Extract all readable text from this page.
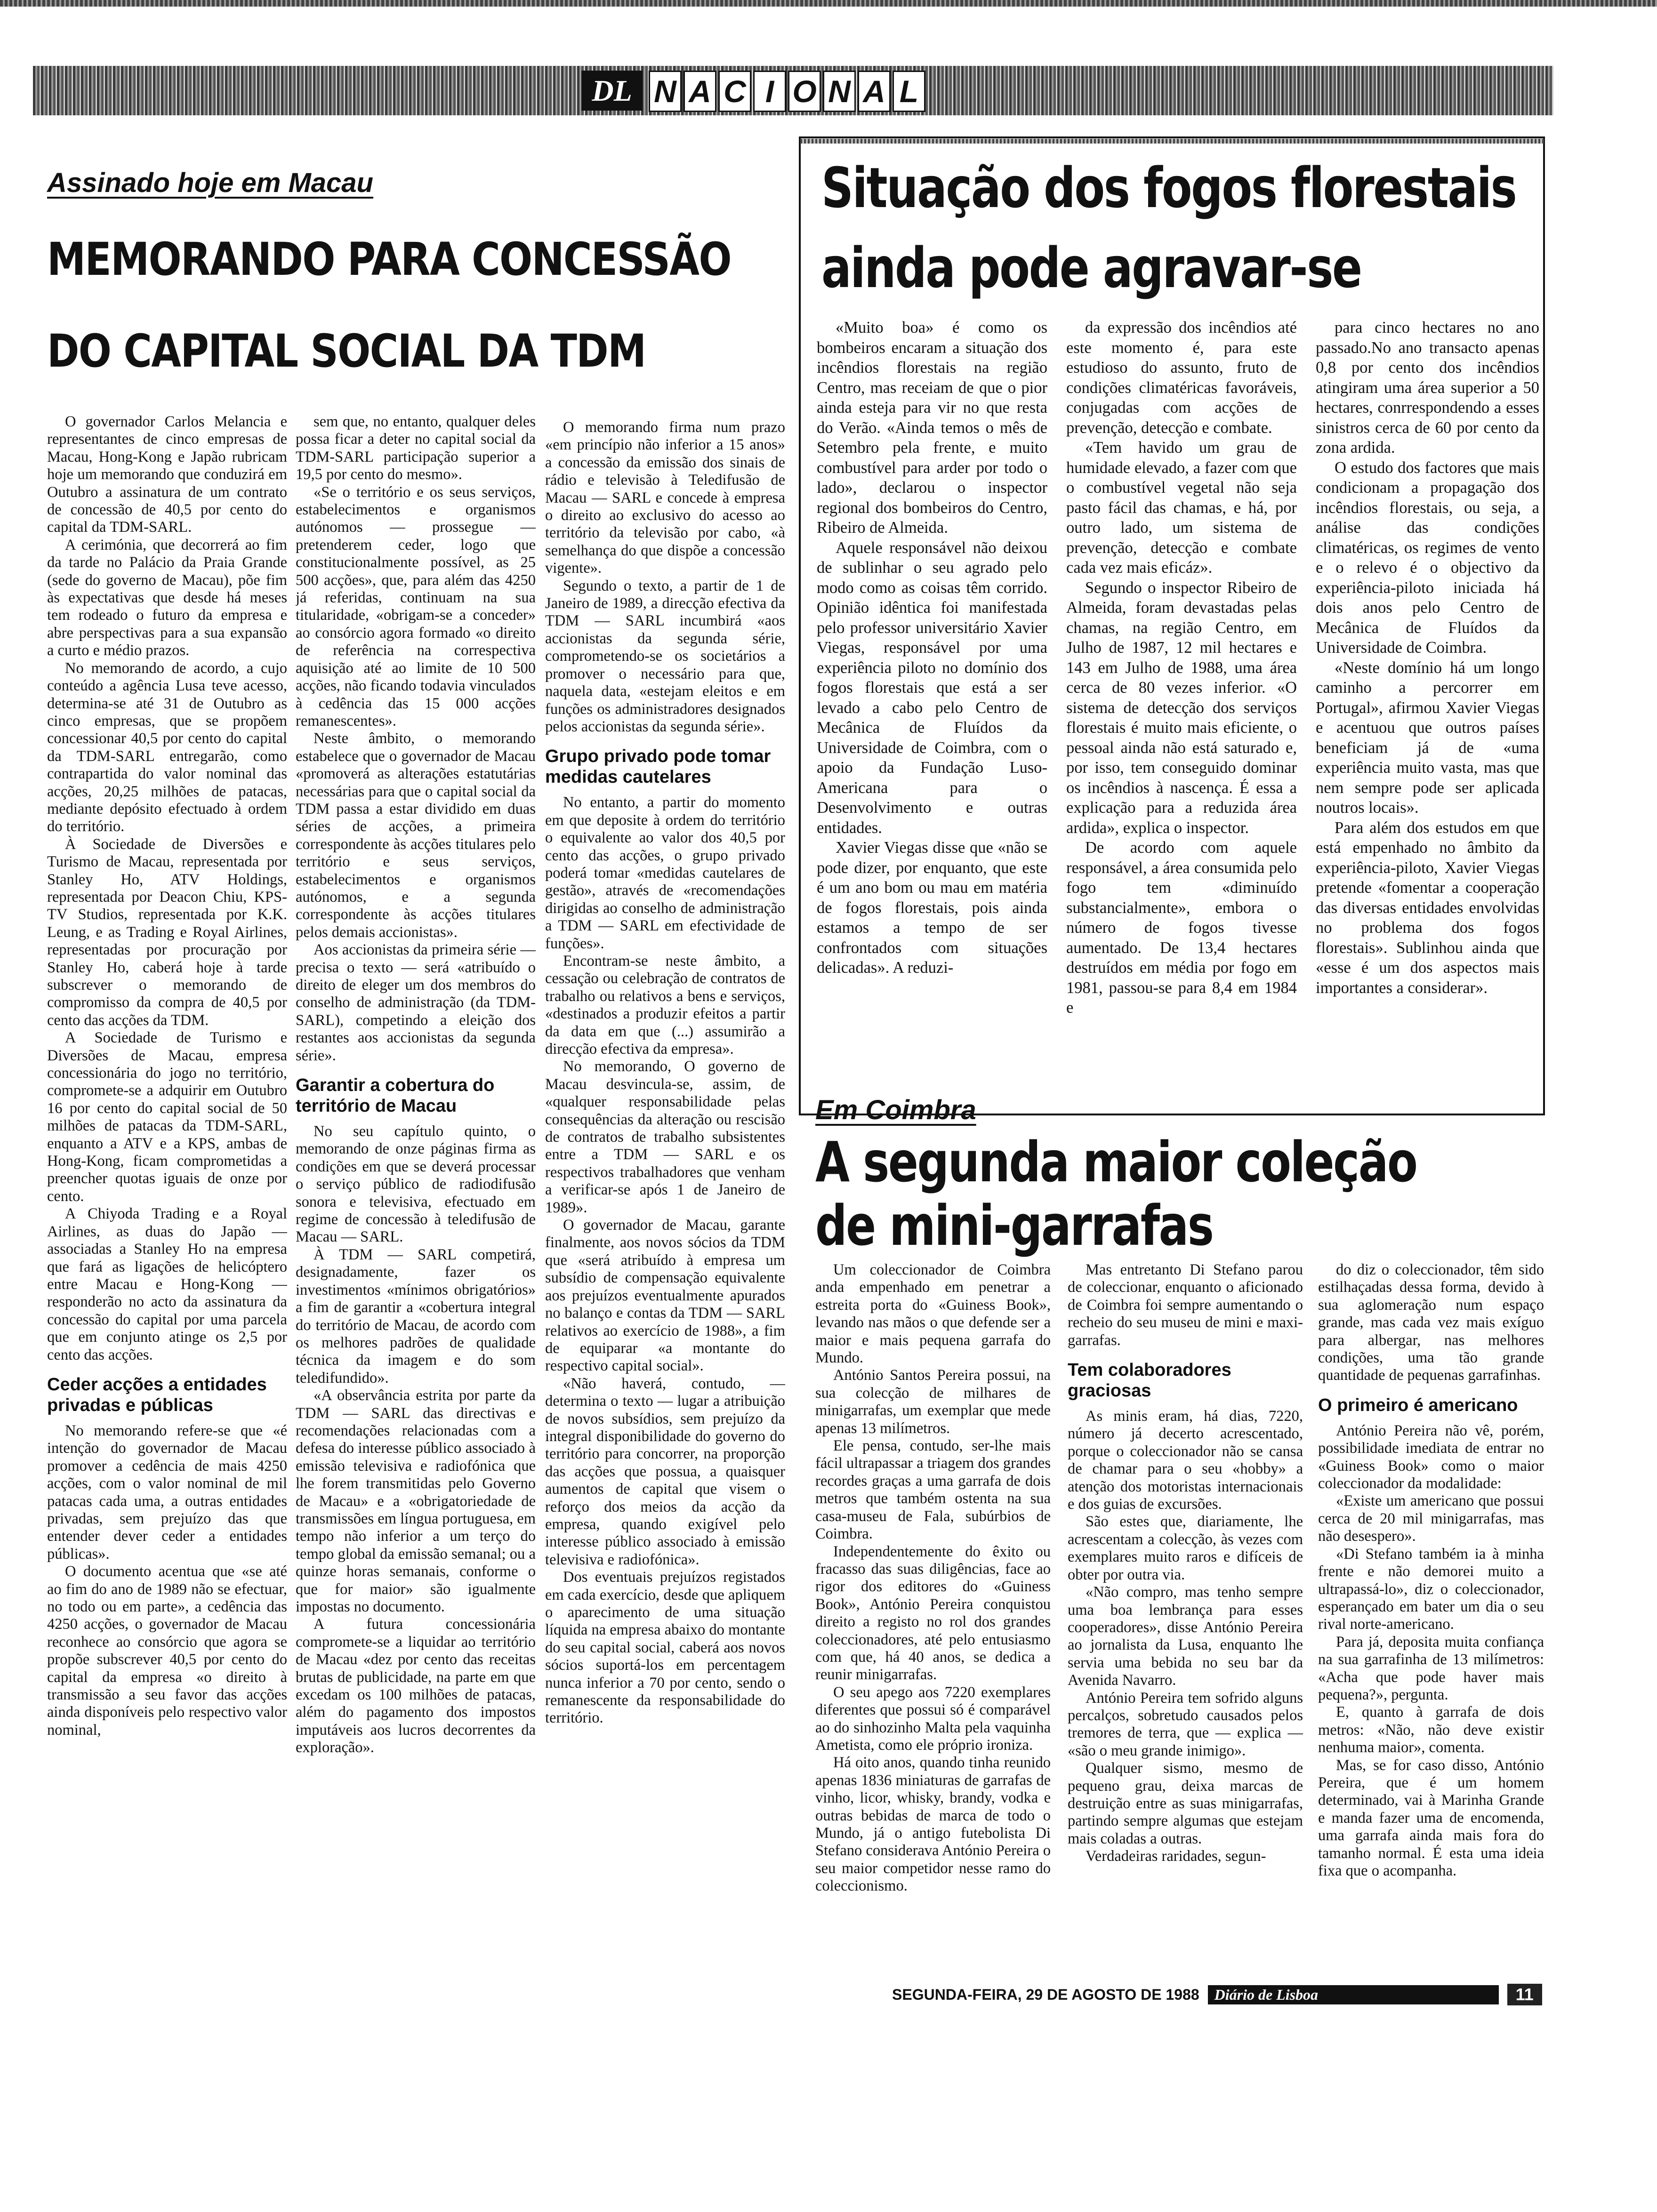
DL N A C I O N A L
Assinado hoje em Macau
MEMORANDO PARA CONCESSÃO
DO CAPITAL SOCIAL DA TDM

O governador Carlos Melancia e representantes de cinco empresas de Macau, Hong-Kong e Japão rubricam hoje um memorando que conduzirá em Outubro a assinatura de um contrato de concessão de 40,5 por cento do capital da TDM-SARL.

A cerimónia, que decorrerá ao fim da tarde no Palácio da Praia Grande (sede do governo de Macau), põe fim às expectativas que desde há meses tem rodeado o futuro da empresa e abre perspectivas para a sua expansão a curto e médio prazos.

No memorando de acordo, a cujo conteúdo a agência Lusa teve acesso, determina-se até 31 de Outubro as cinco empresas, que se propõem concessionar 40,5 por cento do capital da TDM-SARL entregarão, como contrapartida do valor nominal das acções, 20,25 milhões de patacas, mediante depósito efectuado à ordem do território.

À Sociedade de Diversões e Turismo de Macau, representada por Stanley Ho, ATV Holdings, representada por Deacon Chiu, KPS-TV Studios, representada por K.K. Leung, e as Trading e Royal Airlines, representadas por procuração por Stanley Ho, caberá hoje à tarde subscrever o memorando de compromisso da compra de 40,5 por cento das acções da TDM.

A Sociedade de Turismo e Diversões de Macau, empresa concessionária do jogo no território, compromete-se a adquirir em Outubro 16 por cento do capital social de 50 milhões de patacas da TDM-SARL, enquanto a ATV e a KPS, ambas de Hong-Kong, ficam comprometidas a preencher quotas iguais de onze por cento.

A Chiyoda Trading e a Royal Airlines, as duas do Japão — associadas a Stanley Ho na empresa que fará as ligações de helicóptero entre Macau e Hong-Kong — responderão no acto da assinatura da concessão do capital por uma parcela que em conjunto atinge os 2,5 por cento das acções.

Ceder acções a entidades privadas e públicas

No memorando refere-se que «é intenção do governador de Macau promover a cedência de mais 4250 acções, com o valor nominal de mil patacas cada uma, a outras entidades privadas, sem prejuízo das que entender dever ceder a entidades públicas».

O documento acentua que «se até ao fim do ano de 1989 não se efectuar, no todo ou em parte», a cedência das 4250 acções, o governador de Macau reconhece ao consórcio que agora se propõe subscrever 40,5 por cento do capital da empresa «o direito à transmissão a seu favor das acções ainda disponíveis pelo respectivo valor nominal,

sem que, no entanto, qualquer deles possa ficar a deter no capital social da TDM-SARL participação superior a 19,5 por cento do mesmo».

«Se o território e os seus serviços, estabelecimentos e organismos autónomos — prossegue — pretenderem ceder, logo que constitucionalmente possível, as 25 500 acções», que, para além das 4250 já referidas, continuam na sua titularidade, «obrigam-se a conceder» ao consórcio agora formado «o direito de referência na correspectiva aquisição até ao limite de 10 500 acções, não ficando todavia vinculados à cedência das 15 000 acções remanescentes».

Neste âmbito, o memorando estabelece que o governador de Macau «promoverá as alterações estatutárias necessárias para que o capital social da TDM passa a estar dividido em duas séries de acções, a primeira correspondente às acções titulares pelo território e seus serviços, estabelecimentos e organismos autónomos, e a segunda correspondente às acções titulares pelos demais accionistas».

Aos accionistas da primeira série — precisa o texto — será «atribuído o direito de eleger um dos membros do conselho de administração (da TDM-SARL), competindo a eleição dos restantes aos accionistas da segunda série».

Garantir a cobertura do território de Macau

No seu capítulo quinto, o memorando de onze páginas firma as condições em que se deverá processar o serviço público de radiodifusão sonora e televisiva, efectuado em regime de concessão à teledifusão de Macau — SARL.

À TDM — SARL competirá, designadamente, fazer os investimentos «mínimos obrigatórios» a fim de garantir a «cobertura integral do território de Macau, de acordo com os melhores padrões de qualidade técnica da imagem e do som teledifundido».

«A observância estrita por parte da TDM — SARL das directivas e recomendações relacionadas com a defesa do interesse público associado à emissão televisiva e radiofónica que lhe forem transmitidas pelo Governo de Macau» e a «obrigatoriedade de transmissões em língua portuguesa, em tempo não inferior a um terço do tempo global da emissão semanal; ou a quinze horas semanais, conforme o que for maior» são igualmente impostas no documento.

A futura concessionária compromete-se a liquidar ao território de Macau «dez por cento das receitas brutas de publicidade, na parte em que excedam os 100 milhões de patacas, além do pagamento dos impostos imputáveis aos lucros decorrentes da exploração».

O memorando firma num prazo «em princípio não inferior a 15 anos» a concessão da emissão dos sinais de rádio e televisão à Teledifusão de Macau — SARL e concede à empresa o direito ao exclusivo do acesso ao território da televisão por cabo, «à semelhança do que dispõe a concessão vigente».

Segundo o texto, a partir de 1 de Janeiro de 1989, a direcção efectiva da TDM — SARL incumbirá «aos accionistas da segunda série, comprometendo-se os societários a promover o necessário para que, naquela data, «estejam eleitos e em funções os administradores designados pelos accionistas da segunda série».

Grupo privado pode tomar medidas cautelares

No entanto, a partir do momento em que deposite à ordem do território o equivalente ao valor dos 40,5 por cento das acções, o grupo privado poderá tomar «medidas cautelares de gestão», através de «recomendações dirigidas ao conselho de administração a TDM — SARL em efectividade de funções».

Encontram-se neste âmbito, a cessação ou celebração de contratos de trabalho ou relativos a bens e serviços, «destinados a produzir efeitos a partir da data em que (...) assumirão a direcção efectiva da empresa».

No memorando, O governo de Macau desvincula-se, assim, de «qualquer responsabilidade pelas consequências da alteração ou rescisão de contratos de trabalho subsistentes entre a TDM — SARL e os respectivos trabalhadores que venham a verificar-se após 1 de Janeiro de 1989».

O governador de Macau, garante finalmente, aos novos sócios da TDM que «será atribuído à empresa um subsídio de compensação equivalente aos prejuízos eventualmente apurados no balanço e contas da TDM — SARL relativos ao exercício de 1988», a fim de equiparar «a montante do respectivo capital social».

«Não haverá, contudo, — determina o texto — lugar a atribuição de novos subsídios, sem prejuízo da integral disponibilidade do governo do território para concorrer, na proporção das acções que possua, a quaisquer aumentos de capital que visem o reforço dos meios da acção da empresa, quando exigível pelo interesse público associado à emissão televisiva e radiofónica».

Dos eventuais prejuízos registados em cada exercício, desde que apliquem o aparecimento de uma situação líquida na empresa abaixo do montante do seu capital social, caberá aos novos sócios suportá-los em percentagem nunca inferior a 70 por cento, sendo o remanescente da responsabilidade do território.

Situação dos fogos florestais
ainda pode agravar-se

«Muito boa» é como os bombeiros encaram a situação dos incêndios florestais na região Centro, mas receiam de que o pior ainda esteja para vir no que resta do Verão. «Ainda temos o mês de Setembro pela frente, e muito combustível para arder por todo o lado», declarou o inspector regional dos bombeiros do Centro, Ribeiro de Almeida.

Aquele responsável não deixou de sublinhar o seu agrado pelo modo como as coisas têm corrido. Opinião idêntica foi manifestada pelo professor universitário Xavier Viegas, responsável por uma experiência piloto no domínio dos fogos florestais que está a ser levado a cabo pelo Centro de Mecânica de Fluídos da Universidade de Coimbra, com o apoio da Fundação Luso-Americana para o Desenvolvimento e outras entidades.

Xavier Viegas disse que «não se pode dizer, por enquanto, que este é um ano bom ou mau em matéria de fogos florestais, pois ainda estamos a tempo de ser confrontados com situações delicadas». A reduzi-

da expressão dos incêndios até este momento é, para este estudioso do assunto, fruto de condições climatéricas favoráveis, conjugadas com acções de prevenção, detecção e combate.

«Tem havido um grau de humidade elevado, a fazer com que o combustível vegetal não seja pasto fácil das chamas, e há, por outro lado, um sistema de prevenção, detecção e combate cada vez mais eficáz».

Segundo o inspector Ribeiro de Almeida, foram devastadas pelas chamas, na região Centro, em Julho de 1987, 12 mil hectares e 143 em Julho de 1988, uma área cerca de 80 vezes inferior. «O sistema de detecção dos serviços florestais é muito mais eficiente, o pessoal ainda não está saturado e, por isso, tem conseguido dominar os incêndios à nascença. É essa a explicação para a reduzida área ardida», explica o inspector.

De acordo com aquele responsável, a área consumida pelo fogo tem «diminuído substancialmente», embora o número de fogos tivesse aumentado. De 13,4 hectares destruídos em média por fogo em 1981, passou-se para 8,4 em 1984 e

para cinco hectares no ano passado.No ano transacto apenas 0,8 por cento dos incêndios atingiram uma área superior a 50 hectares, conrrespondendo a esses sinistros cerca de 60 por cento da zona ardida.

O estudo dos factores que mais condicionam a propagação dos incêndios florestais, ou seja, a análise das condições climatéricas, os regimes de vento e o relevo é o objectivo da experiência-piloto iniciada há dois anos pelo Centro de Mecânica de Fluídos da Universidade de Coimbra.

«Neste domínio há um longo caminho a percorrer em Portugal», afirmou Xavier Viegas e acentuou que outros países beneficiam já de «uma experiência muito vasta, mas que nem sempre pode ser aplicada noutros locais».

Para além dos estudos em que está empenhado no âmbito da experiência-piloto, Xavier Viegas pretende «fomentar a cooperação das diversas entidades envolvidas no problema dos fogos florestais». Sublinhou ainda que «esse é um dos aspectos mais importantes a considerar».

Em Coimbra
A segunda maior coleção
de mini-garrafas

Um coleccionador de Coimbra anda empenhado em penetrar a estreita porta do «Guiness Book», levando nas mãos o que defende ser a maior e mais pequena garrafa do Mundo.

António Santos Pereira possui, na sua colecção de milhares de minigarrafas, um exemplar que mede apenas 13 milímetros.

Ele pensa, contudo, ser-lhe mais fácil ultrapassar a triagem dos grandes recordes graças a uma garrafa de dois metros que também ostenta na sua casa-museu de Fala, subúrbios de Coimbra.

Independentemente do êxito ou fracasso das suas diligências, face ao rigor dos editores do «Guiness Book», António Pereira conquistou direito a registo no rol dos grandes coleccionadores, até pelo entusiasmo com que, há 40 anos, se dedica a reunir minigarrafas.

O seu apego aos 7220 exemplares diferentes que possui só é comparável ao do sinhozinho Malta pela vaquinha Ametista, como ele próprio ironiza.

Há oito anos, quando tinha reunido apenas 1836 miniaturas de garrafas de vinho, licor, whisky, brandy, vodka e outras bebidas de marca de todo o Mundo, já o antigo futebolista Di Stefano considerava António Pereira o seu maior competidor nesse ramo do coleccionismo.

Mas entretanto Di Stefano parou de coleccionar, enquanto o aficionado de Coimbra foi sempre aumentando o recheio do seu museu de mini e maxi-garrafas.

Tem colaboradores graciosas

As minis eram, há dias, 7220, número já decerto acrescentado, porque o coleccionador não se cansa de chamar para o seu «hobby» a atenção dos motoristas internacionais e dos guias de excursões.

São estes que, diariamente, lhe acrescentam a colecção, às vezes com exemplares muito raros e difíceis de obter por outra via.

«Não compro, mas tenho sempre uma boa lembrança para esses cooperadores», disse António Pereira ao jornalista da Lusa, enquanto lhe servia uma bebida no seu bar da Avenida Navarro.

António Pereira tem sofrido alguns percalços, sobretudo causados pelos tremores de terra, que — explica — «são o meu grande inimigo».

Qualquer sismo, mesmo de pequeno grau, deixa marcas de destruição entre as suas minigarrafas, partindo sempre algumas que estejam mais coladas a outras.

Verdadeiras raridades, segun-

do diz o coleccionador, têm sido estilhaçadas dessa forma, devido à sua aglomeração num espaço grande, mas cada vez mais exíguo para albergar, nas melhores condições, uma tão grande quantidade de pequenas garrafinhas.

O primeiro é americano

António Pereira não vê, porém, possibilidade imediata de entrar no «Guiness Book» como o maior coleccionador da modalidade:

«Existe um americano que possui cerca de 20 mil minigarrafas, mas não desespero».

«Di Stefano também ia à minha frente e não demorei muito a ultrapassá-lo», diz o coleccionador, esperançado em bater um dia o seu rival norte-americano.

Para já, deposita muita confiança na sua garrafinha de 13 milímetros: «Acha que pode haver mais pequena?», pergunta.

E, quanto à garrafa de dois metros: «Não, não deve existir nenhuma maior», comenta.

Mas, se for caso disso, António Pereira, que é um homem determinado, vai à Marinha Grande e manda fazer uma de encomenda, uma garrafa ainda mais fora do tamanho normal. É esta uma ideia fixa que o acompanha.

SEGUNDA-FEIRA, 29 DE AGOSTO DE 1988	Diário de Lisboa	11
